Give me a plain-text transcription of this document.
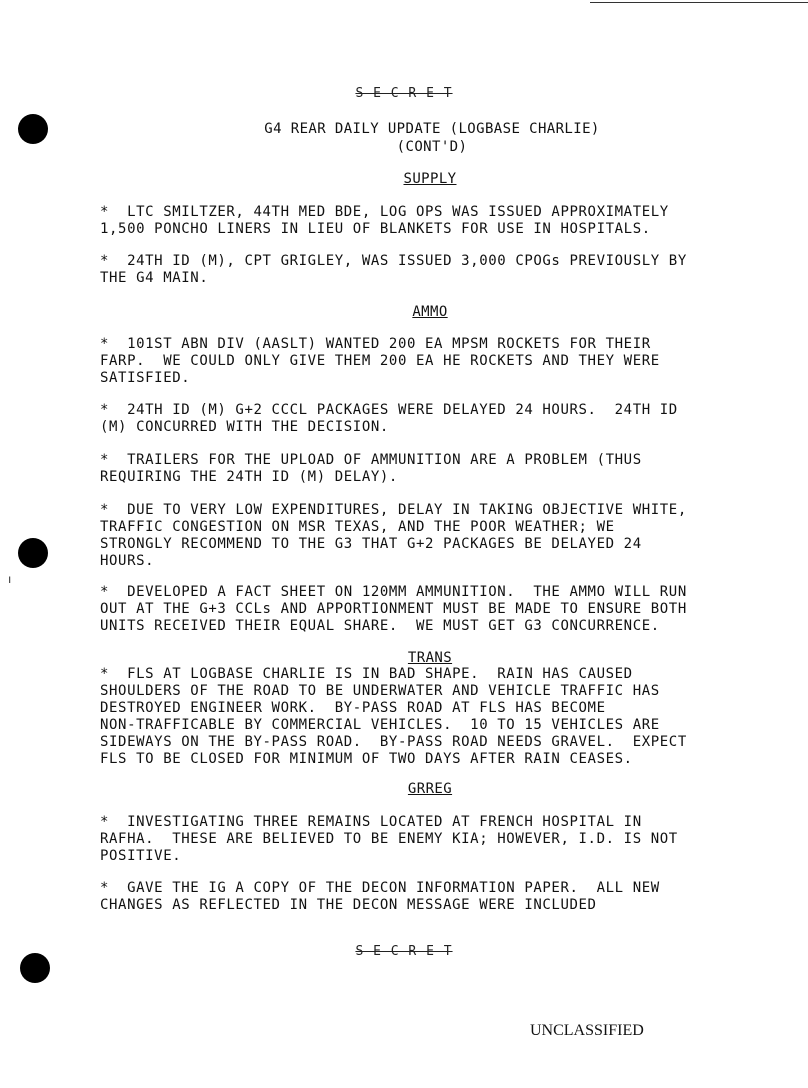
ı
S E C R E T
G4 REAR DAILY UPDATE (LOGBASE CHARLIE)
(CONT'D)
SUPPLY
*  LTC SMILTZER, 44TH MED BDE, LOG OPS WAS ISSUED APPROXIMATELY
1,500 PONCHO LINERS IN LIEU OF BLANKETS FOR USE IN HOSPITALS.
*  24TH ID (M), CPT GRIGLEY, WAS ISSUED 3,000 CPOGs PREVIOUSLY BY
THE G4 MAIN.
AMMO
*  101ST ABN DIV (AASLT) WANTED 200 EA MPSM ROCKETS FOR THEIR
FARP.  WE COULD ONLY GIVE THEM 200 EA HE ROCKETS AND THEY WERE
SATISFIED.
*  24TH ID (M) G+2 CCCL PACKAGES WERE DELAYED 24 HOURS.  24TH ID
(M) CONCURRED WITH THE DECISION.
*  TRAILERS FOR THE UPLOAD OF AMMUNITION ARE A PROBLEM (THUS
REQUIRING THE 24TH ID (M) DELAY).
*  DUE TO VERY LOW EXPENDITURES, DELAY IN TAKING OBJECTIVE WHITE,
TRAFFIC CONGESTION ON MSR TEXAS, AND THE POOR WEATHER; WE
STRONGLY RECOMMEND TO THE G3 THAT G+2 PACKAGES BE DELAYED 24
HOURS.
*  DEVELOPED A FACT SHEET ON 120MM AMMUNITION.  THE AMMO WILL RUN
OUT AT THE G+3 CCLs AND APPORTIONMENT MUST BE MADE TO ENSURE BOTH
UNITS RECEIVED THEIR EQUAL SHARE.  WE MUST GET G3 CONCURRENCE.
TRANS
*  FLS AT LOGBASE CHARLIE IS IN BAD SHAPE.  RAIN HAS CAUSED
SHOULDERS OF THE ROAD TO BE UNDERWATER AND VEHICLE TRAFFIC HAS
DESTROYED ENGINEER WORK.  BY-PASS ROAD AT FLS HAS BECOME
NON-TRAFFICABLE BY COMMERCIAL VEHICLES.  10 TO 15 VEHICLES ARE
SIDEWAYS ON THE BY-PASS ROAD.  BY-PASS ROAD NEEDS GRAVEL.  EXPECT
FLS TO BE CLOSED FOR MINIMUM OF TWO DAYS AFTER RAIN CEASES.
GRREG
*  INVESTIGATING THREE REMAINS LOCATED AT FRENCH HOSPITAL IN
RAFHA.  THESE ARE BELIEVED TO BE ENEMY KIA; HOWEVER, I.D. IS NOT
POSITIVE.
*  GAVE THE IG A COPY OF THE DECON INFORMATION PAPER.  ALL NEW
CHANGES AS REFLECTED IN THE DECON MESSAGE WERE INCLUDED
S E C R E T
UNCLASSIFIED
